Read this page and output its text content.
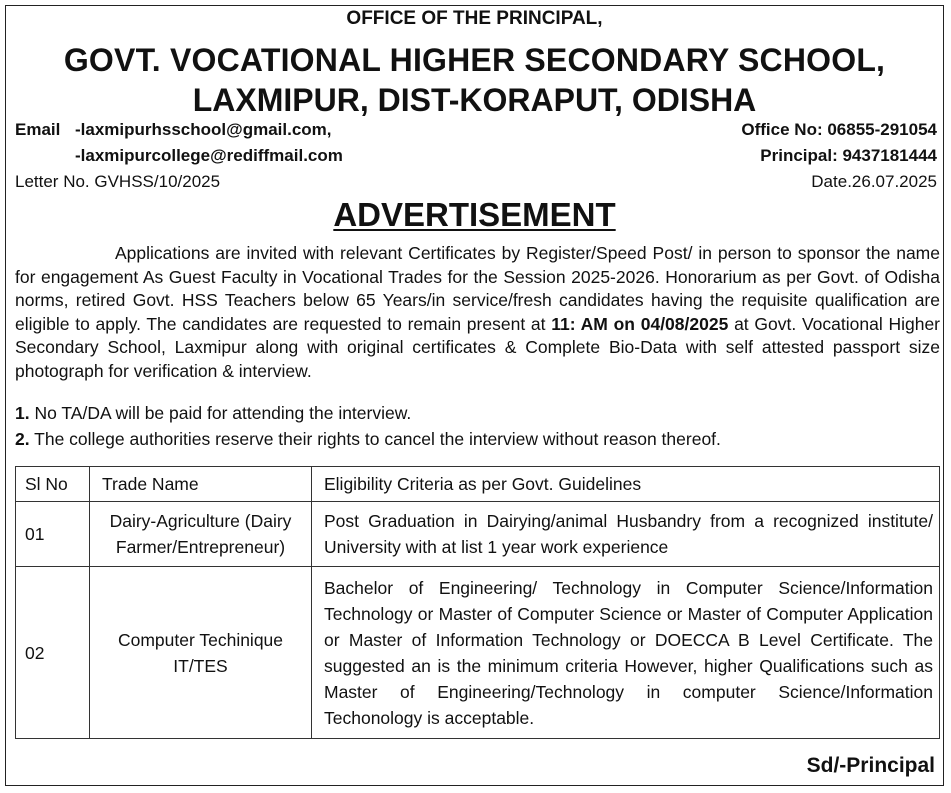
OFFICE OF THE PRINCIPAL,
GOVT. VOCATIONAL HIGHER SECONDARY SCHOOL,
LAXMIPUR, DIST-KORAPUT, ODISHA
Email -laxmipurhsschool@gmail.com,
-laxmipurcollege@rediffmail.com
Office No: 06855-291054
Principal: 9437181444
Letter No. GVHSS/10/2025	Date.26.07.2025
ADVERTISEMENT
Applications are invited with relevant Certificates by Register/Speed Post/ in person to sponsor the name for engagement As Guest Faculty in Vocational Trades for the Session 2025-2026. Honorarium as per Govt. of Odisha norms, retired Govt. HSS Teachers below 65 Years/in service/fresh candidates having the requisite qualification are eligible to apply. The candidates are requested to remain present at 11: AM on 04/08/2025 at Govt. Vocational Higher Secondary School, Laxmipur along with original certificates & Complete Bio-Data with self attested passport size photograph for verification & interview.
1. No TA/DA will be paid for attending the interview.
2. The college authorities reserve their rights to cancel the interview without reason thereof.
Sl No	Trade Name	Eligibility Criteria as per Govt. Guidelines
01	Dairy-Agriculture (Dairy Farmer/Entrepreneur)	Post Graduation in Dairying/animal Husbandry from a recognized institute/ University with at list 1 year work experience
02	Computer Techinique IT/TES	Bachelor of Engineering/ Technology in Computer Science/Information Technology or Master of Computer Science or Master of Computer Application or Master of Information Technology or DOECCA B Level Certificate. The suggested an is the minimum criteria However, higher Qualifications such as Master of Engineering/Technology in computer Science/Information Techonology is acceptable.
Sd/-Principal
